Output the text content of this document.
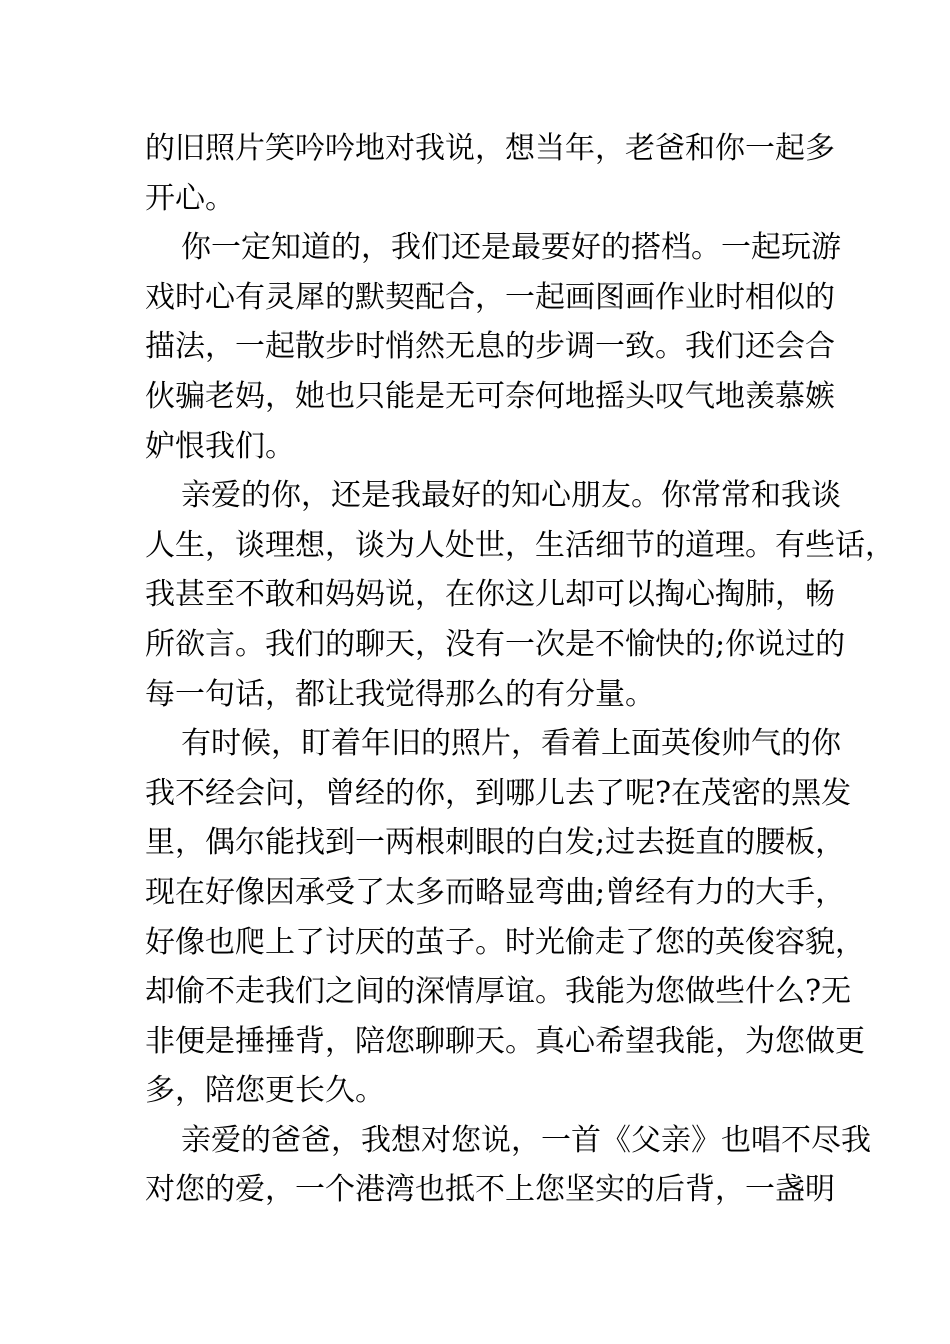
的旧照片笑吟吟地对我说，想当年，老爸和你一起多
开心。
你一定知道的，我们还是最要好的搭档。一起玩游
戏时心有灵犀的默契配合，一起画图画作业时相似的
描法，一起散步时悄然无息的步调一致。我们还会合
伙骗老妈，她也只能是无可奈何地摇头叹气地羡慕嫉
妒恨我们。
亲爱的你，还是我最好的知心朋友。你常常和我谈
人生，谈理想，谈为人处世，生活细节的道理。有些话，
我甚至不敢和妈妈说，在你这儿却可以掏心掏肺，畅
所欲言。我们的聊天，没有一次是不愉快的;你说过的
每一句话，都让我觉得那么的有分量。
有时候，盯着年旧的照片，看着上面英俊帅气的你
我不经会问，曾经的你，到哪儿去了呢?在茂密的黑发
里，偶尔能找到一两根刺眼的白发;过去挺直的腰板，
现在好像因承受了太多而略显弯曲;曾经有力的大手，
好像也爬上了讨厌的茧子。时光偷走了您的英俊容貌，
却偷不走我们之间的深情厚谊。我能为您做些什么?无
非便是捶捶背，陪您聊聊天。真心希望我能，为您做更
多，陪您更长久。
亲爱的爸爸，我想对您说，一首《父亲》也唱不尽我
对您的爱，一个港湾也抵不上您坚实的后背，一盏明
